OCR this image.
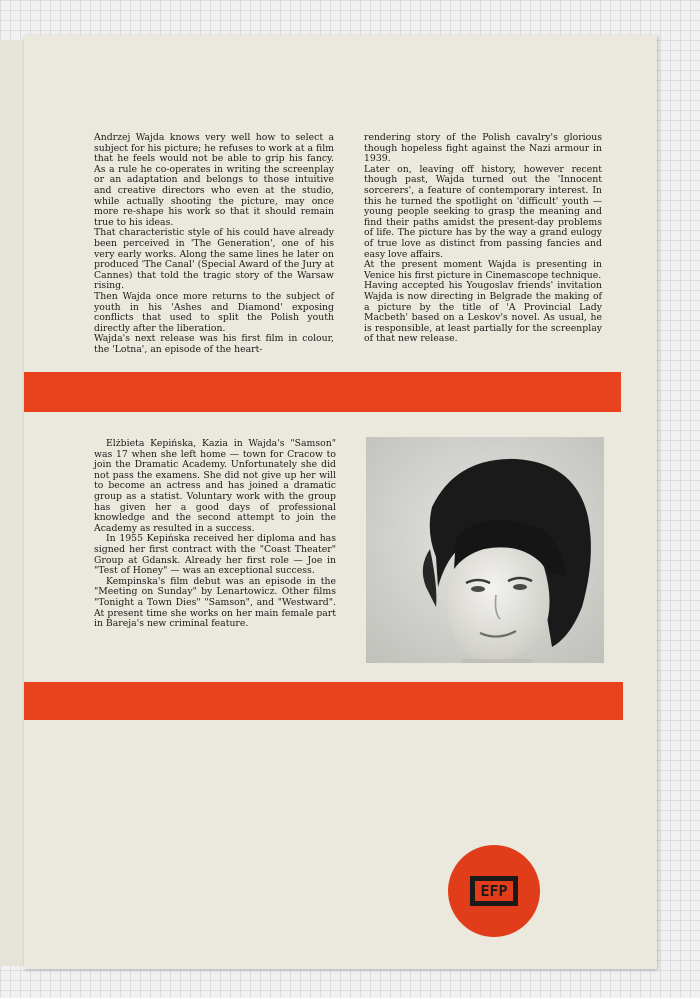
Andrzej Wajda knows very well how to select a subject for his picture; he refuses to work at a film that he feels would not be able to grip his fancy. As a rule he co-operates in writing the screenplay or an adaptation and belongs to those intuitive and creative directors who even at the studio, while actually shooting the picture, may once more re-shape his work so that it should remain true to his ideas.

That characteristic style of his could have already been perceived in 'The Generation', one of his very early works. Along the same lines he later on produced 'The Canal' (Special Award of the Jury at Cannes) that told the tragic story of the Warsaw rising.

Then Wajda once more returns to the subject of youth in his 'Ashes and Diamond' exposing conflicts that used to split the Polish youth directly after the liberation.

Wajda's next release was his first film in colour, the 'Lotna', an episode of the heart-

rendering story of the Polish cavalry's glorious though hopeless fight against the Nazi armour in 1939.

Later on, leaving off history, however recent though past, Wajda turned out the 'Innocent sorcerers', a feature of contemporary interest. In this he turned the spotlight on 'difficult' youth — young people seeking to grasp the meaning and find their paths amidst the present-day problems of life. The picture has by the way a grand eulogy of true love as distinct from passing fancies and easy love affairs.

At the present moment Wajda is presenting in Venice his first picture in Cinemascope technique.

Having accepted his Yougoslav friends' invitation Wajda is now directing in Belgrade the making of a picture by the title of 'A Provincial Lady Macbeth' based on a Leskov's novel. As usual, he is responsible, at least partially for the screenplay of that new release.

Elżbieta Kepińska, Kazia in Wajda's "Samson" was 17 when she left home — town for Cracow to join the Dramatic Academy. Unfortunately she did not pass the examens. She did not give up her will to become an actress and has joined a dramatic group as a statist. Voluntary work with the group has given her a good days of professional knowledge and the second attempt to join the Academy as resulted in a success.

In 1955 Kepińska received her diploma and has signed her first contract with the "Coast Theater" Group at Gdansk. Already her first role — Joe in "Test of Honey" — was an exceptional success.

Kempinska's film debut was an episode in the "Meeting on Sunday" by Lenartowicz. Other films "Tonight a Town Dies" "Samson", and "Westward". At present time she works on her main female part in Bareja's new criminal feature.

EFP
